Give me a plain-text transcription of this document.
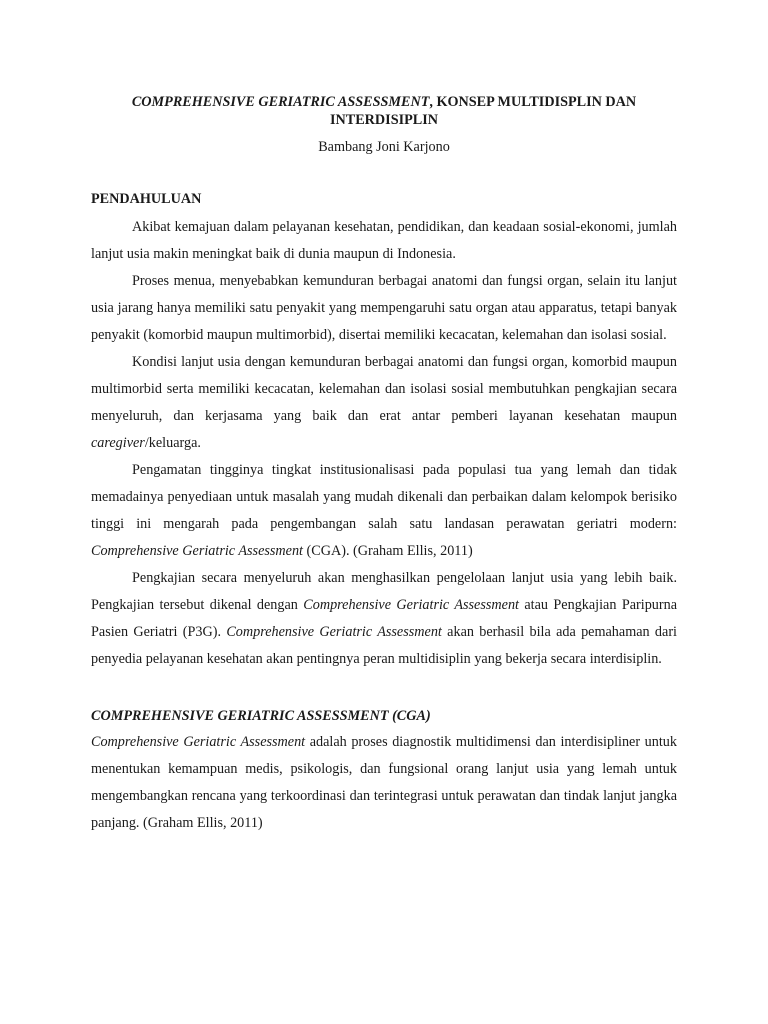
COMPREHENSIVE GERIATRIC ASSESSMENT, KONSEP MULTIDISPLIN DAN
INTERDISIPLIN

Bambang Joni Karjono

PENDAHULUAN

Akibat kemajuan dalam pelayanan kesehatan, pendidikan, dan keadaan sosial-ekonomi, jumlah lanjut usia makin meningkat baik di dunia maupun di Indonesia.

Proses menua, menyebabkan kemunduran berbagai anatomi dan fungsi organ, selain itu lanjut usia jarang hanya memiliki satu penyakit yang mempengaruhi satu organ atau apparatus, tetapi banyak penyakit (komorbid maupun multimorbid), disertai memiliki kecacatan, kelemahan dan isolasi sosial.

Kondisi lanjut usia dengan kemunduran berbagai anatomi dan fungsi organ, komorbid maupun multimorbid serta memiliki kecacatan, kelemahan dan isolasi sosial membutuhkan pengkajian secara menyeluruh, dan kerjasama yang baik dan erat antar pemberi layanan kesehatan maupun caregiver/keluarga.

Pengamatan tingginya tingkat institusionalisasi pada populasi tua yang lemah dan tidak memadainya penyediaan untuk masalah yang mudah dikenali dan perbaikan dalam kelompok berisiko tinggi ini mengarah pada pengembangan salah satu landasan perawatan geriatri modern: Comprehensive Geriatric Assessment (CGA). (Graham Ellis, 2011)

Pengkajian secara menyeluruh akan menghasilkan pengelolaan lanjut usia yang lebih baik. Pengkajian tersebut dikenal dengan Comprehensive Geriatric Assessment atau Pengkajian Paripurna Pasien Geriatri (P3G). Comprehensive Geriatric Assessment akan berhasil bila ada pemahaman dari penyedia pelayanan kesehatan akan pentingnya peran multidisiplin yang bekerja secara interdisiplin.

COMPREHENSIVE GERIATRIC ASSESSMENT (CGA)

Comprehensive Geriatric Assessment adalah proses diagnostik multidimensi dan interdisipliner untuk menentukan kemampuan medis, psikologis, dan fungsional orang lanjut usia yang lemah untuk mengembangkan rencana yang terkoordinasi dan terintegrasi untuk perawatan dan tindak lanjut jangka panjang. (Graham Ellis, 2011)
